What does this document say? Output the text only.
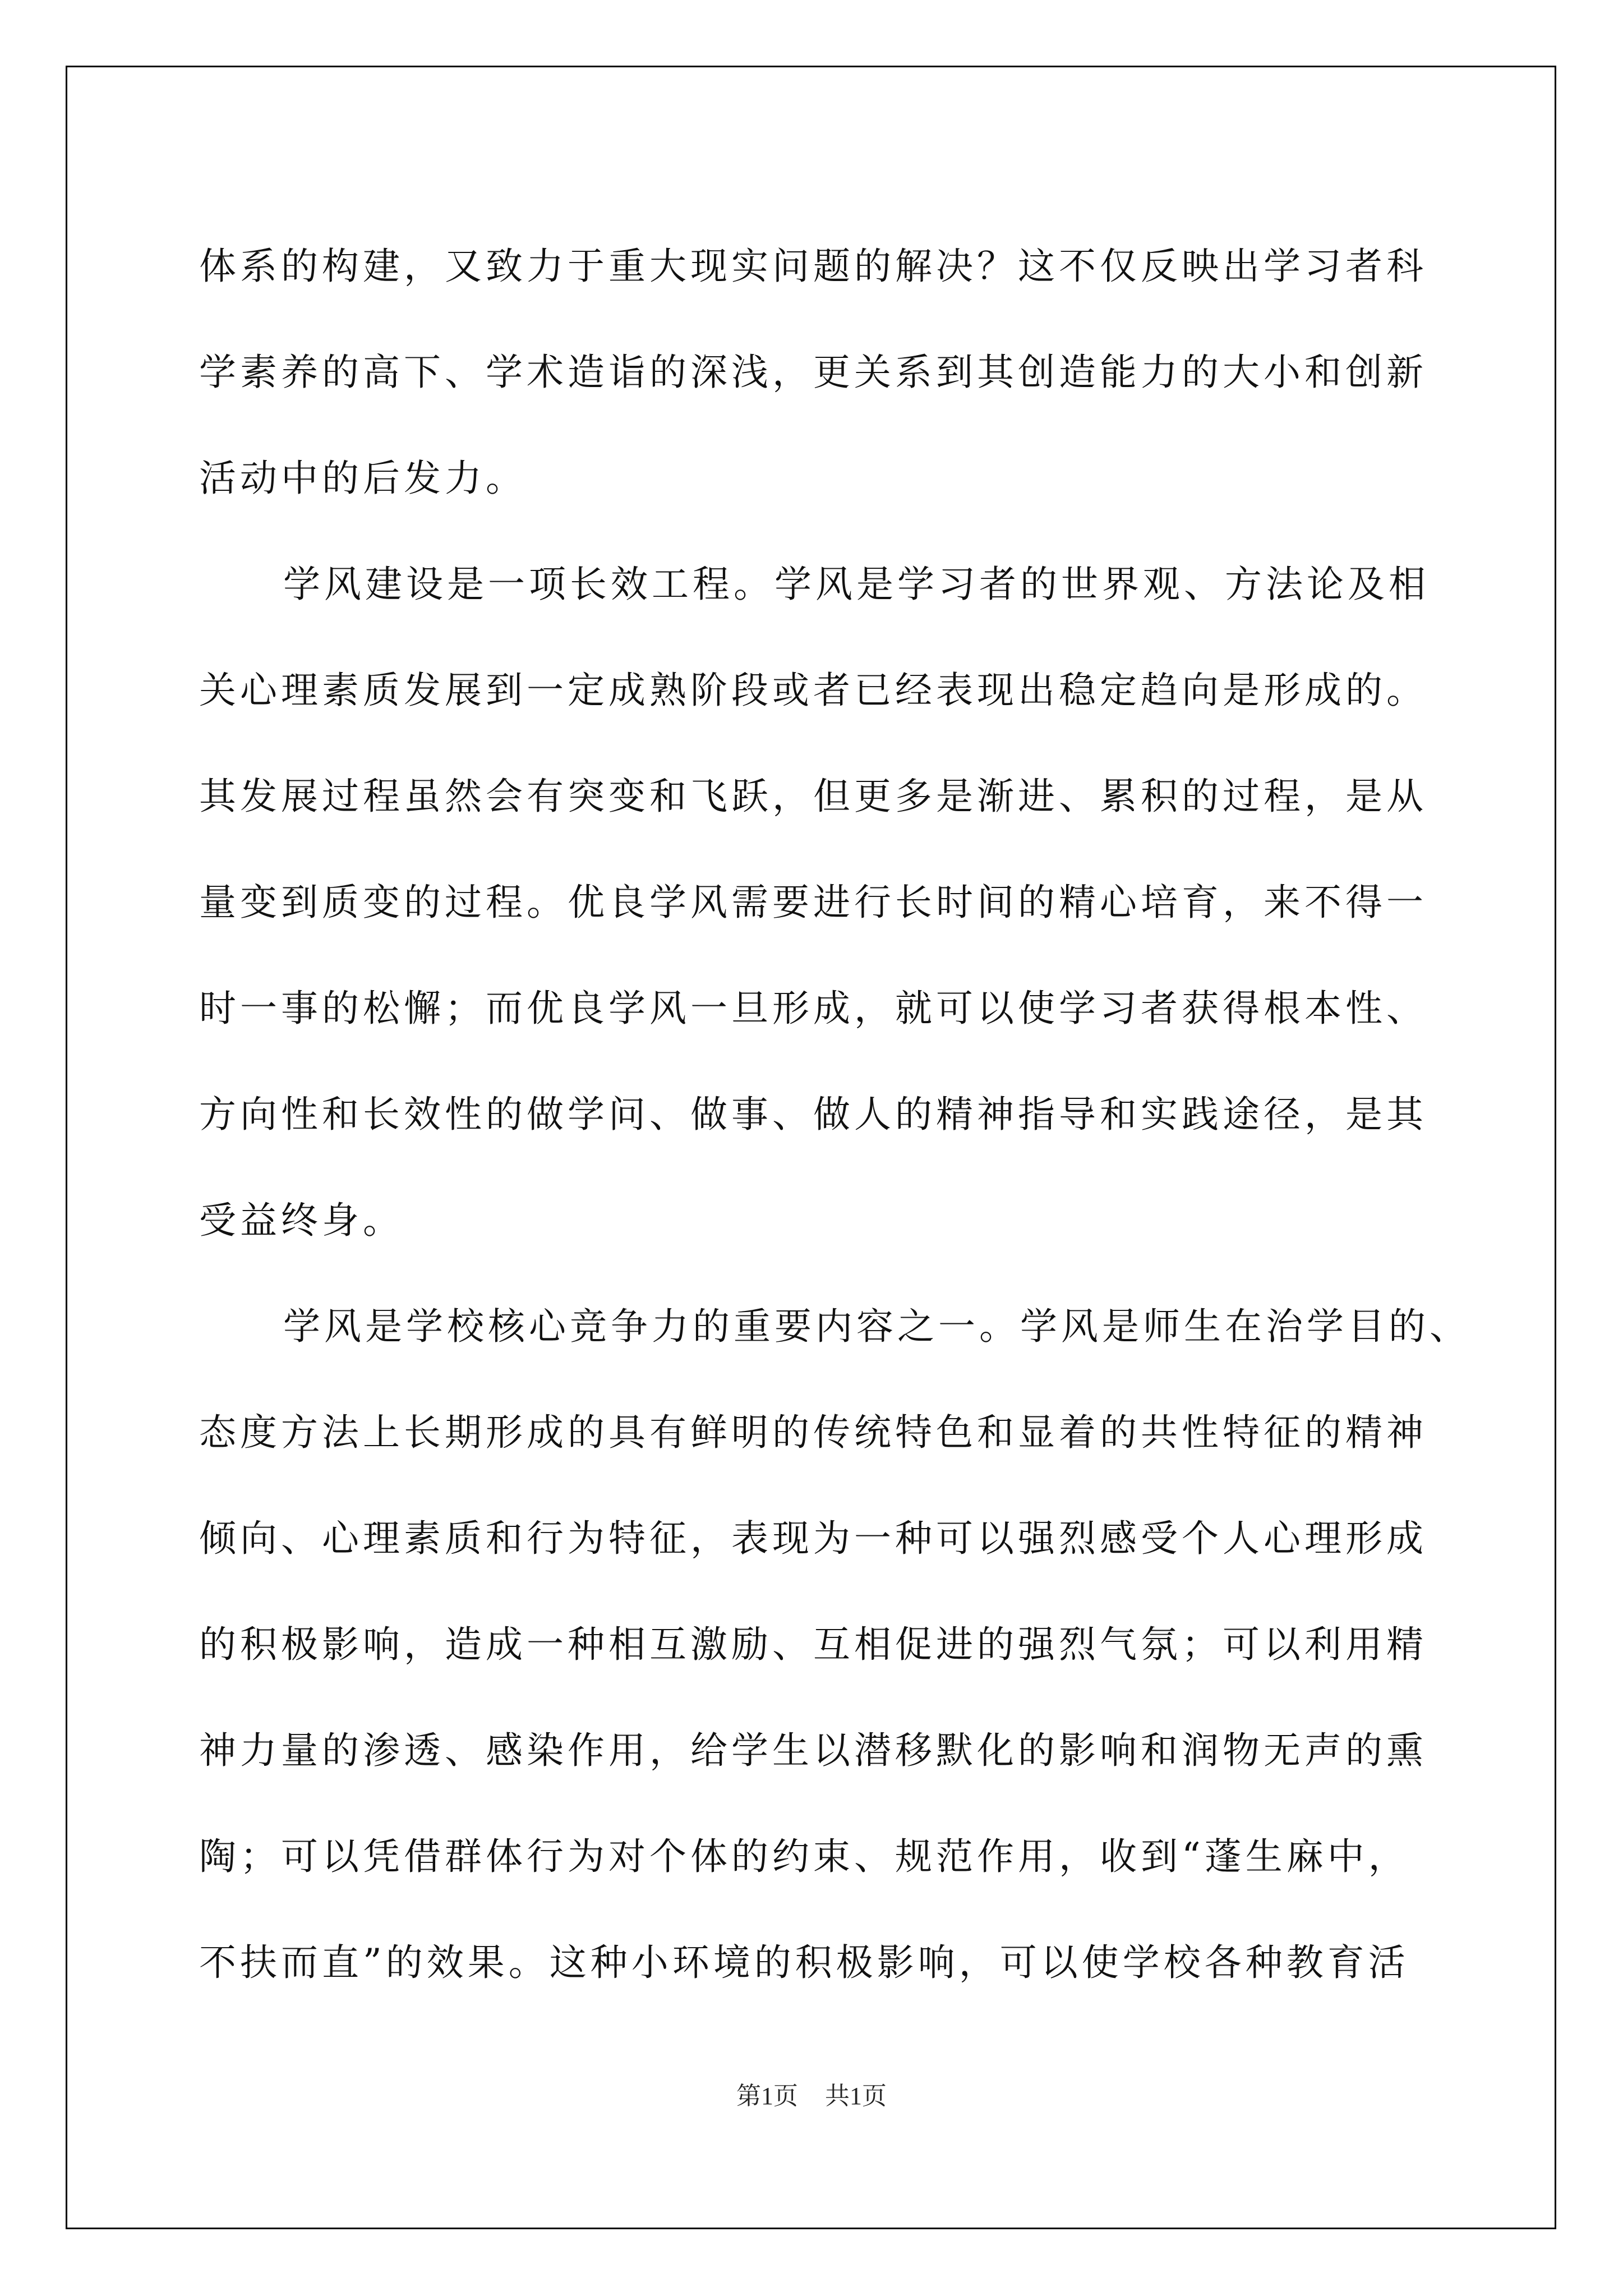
体系的构建，又致力于重大现实问题的解决？这不仅反映出学习者科
学素养的高下、学术造诣的深浅，更关系到其创造能力的大小和创新
活动中的后发力。
学风建设是一项长效工程。学风是学习者的世界观、方法论及相
关心理素质发展到一定成熟阶段或者已经表现出稳定趋向是形成的。
其发展过程虽然会有突变和飞跃，但更多是渐进、累积的过程，是从
量变到质变的过程。优良学风需要进行长时间的精心培育，来不得一
时一事的松懈；而优良学风一旦形成，就可以使学习者获得根本性、
方向性和长效性的做学问、做事、做人的精神指导和实践途径，是其
受益终身。
学风是学校核心竞争力的重要内容之一。学风是师生在治学目的、
态度方法上长期形成的具有鲜明的传统特色和显着的共性特征的精神
倾向、心理素质和行为特征，表现为一种可以强烈感受个人心理形成
的积极影响，造成一种相互激励、互相促进的强烈气氛；可以利用精
神力量的渗透、感染作用，给学生以潜移默化的影响和润物无声的熏
陶；可以凭借群体行为对个体的约束、规范作用，收到“蓬生麻中，
不扶而直”的效果。这种小环境的积极影响，可以使学校各种教育活
第1页 共1页
